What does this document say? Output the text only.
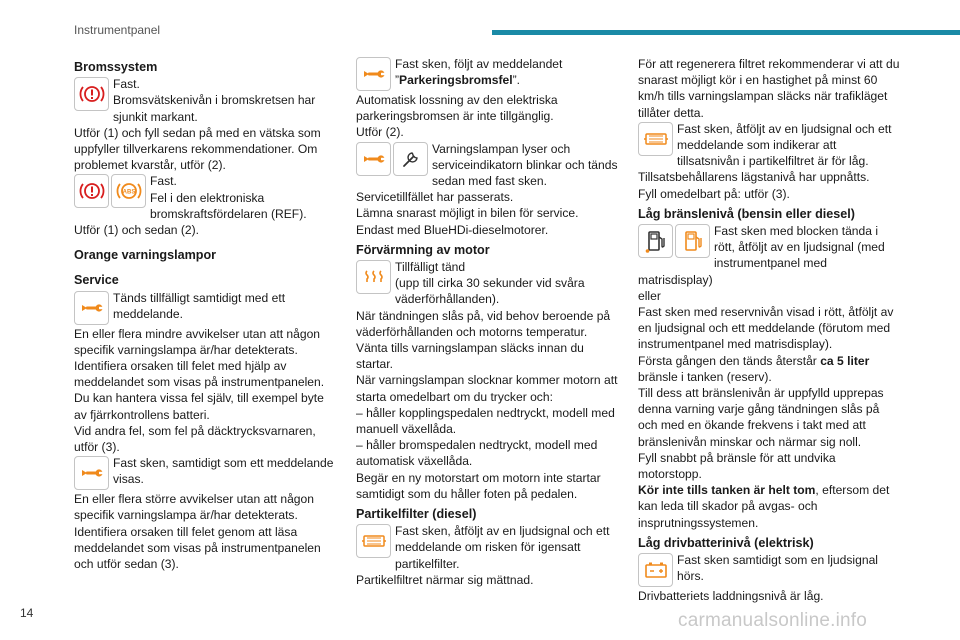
Instrumentpanel
Bromssystem
Fast.
Bromsvätskenivån i bromskretsen har sjunkit markant.
Utför (1) och fyll sedan på med en vätska som uppfyller tillverkarens rekommendationer. Om problemet kvarstår, utför (2).
ABS
Fast.
Fel i den elektroniska bromskraftsfördelaren (REF).
Utför (1) och sedan (2).
Orange varningslampor
Service
Tänds tillfälligt samtidigt med ett meddelande.
En eller flera mindre avvikelser utan att någon specifik varningslampa är/har detekterats.
Identifiera orsaken till felet med hjälp av meddelandet som visas på instrumentpanelen.
Du kan hantera vissa fel själv, till exempel byte av fjärrkontrollens batteri.
Vid andra fel, som fel på däcktrycksvarnaren, utför (3).
Fast sken, samtidigt som ett meddelande visas.
En eller flera större avvikelser utan att någon specifik varningslampa är/har detekterats.
Identifiera orsaken till felet genom att läsa meddelandet som visas på instrumentpanelen och utför sedan (3).
Fast sken, följt av meddelandet ”Parkeringsbromsfel”.
Automatisk lossning av den elektriska parkeringsbromsen är inte tillgänglig.
Utför (2).
Varningslampan lyser och serviceindikatorn blinkar och tänds sedan med fast sken.
Servicetillfället har passerats.
Lämna snarast möjligt in bilen för service.
Endast med BlueHDi-dieselmotorer.
Förvärmning av motor
Tillfälligt tänd
(upp till cirka 30 sekunder vid svåra väderförhållanden).
När tändningen slås på, vid behov beroende på väderförhållanden och motorns temperatur.
Vänta tills varningslampan släcks innan du startar.
När varningslampan slocknar kommer motorn att starta omedelbart om du trycker och:
– håller kopplingspedalen nedtryckt, modell med manuell växellåda.
– håller bromspedalen nedtryckt, modell med automatisk växellåda.
Begär en ny motorstart om motorn inte startar samtidigt som du håller foten på pedalen.
Partikelfilter (diesel)
Fast sken, åtföljt av en ljudsignal och ett meddelande om risken för igensatt partikelfilter.
Partikelfiltret närmar sig mättnad.
För att regenerera filtret rekommenderar vi att du snarast möjligt kör i en hastighet på minst 60 km/h tills varningslampan släcks när trafikläget tillåter detta.
Fast sken, åtföljt av en ljudsignal och ett meddelande som indikerar att tillsatsnivån i partikelfiltret är för låg.
Tillsatsbehållarens lägstanivå har uppnåtts.
Fyll omedelbart på: utför (3).
Låg bränslenivå (bensin eller diesel)
Fast sken med blocken tända i rött, åtföljt av en ljudsignal (med instrumentpanel med matrisdisplay)
eller
Fast sken med reservnivån visad i rött, åtföljt av en ljudsignal och ett meddelande (förutom med instrumentpanel med matrisdisplay).
Första gången den tänds återstår ca 5 liter bränsle i tanken (reserv).
Till dess att bränslenivån är uppfylld upprepas denna varning varje gång tändningen slås på och med en ökande frekvens i takt med att bränslenivån minskar och närmar sig noll.
Fyll snabbt på bränsle för att undvika motorstopp.
Kör inte tills tanken är helt tom, eftersom det kan leda till skador på avgas- och insprutningssystemen.
Låg drivbatterinivå (elektrisk)
Fast sken samtidigt som en ljudsignal hörs.
Drivbatteriets laddningsnivå är låg.
14	carmanualsonline.info
